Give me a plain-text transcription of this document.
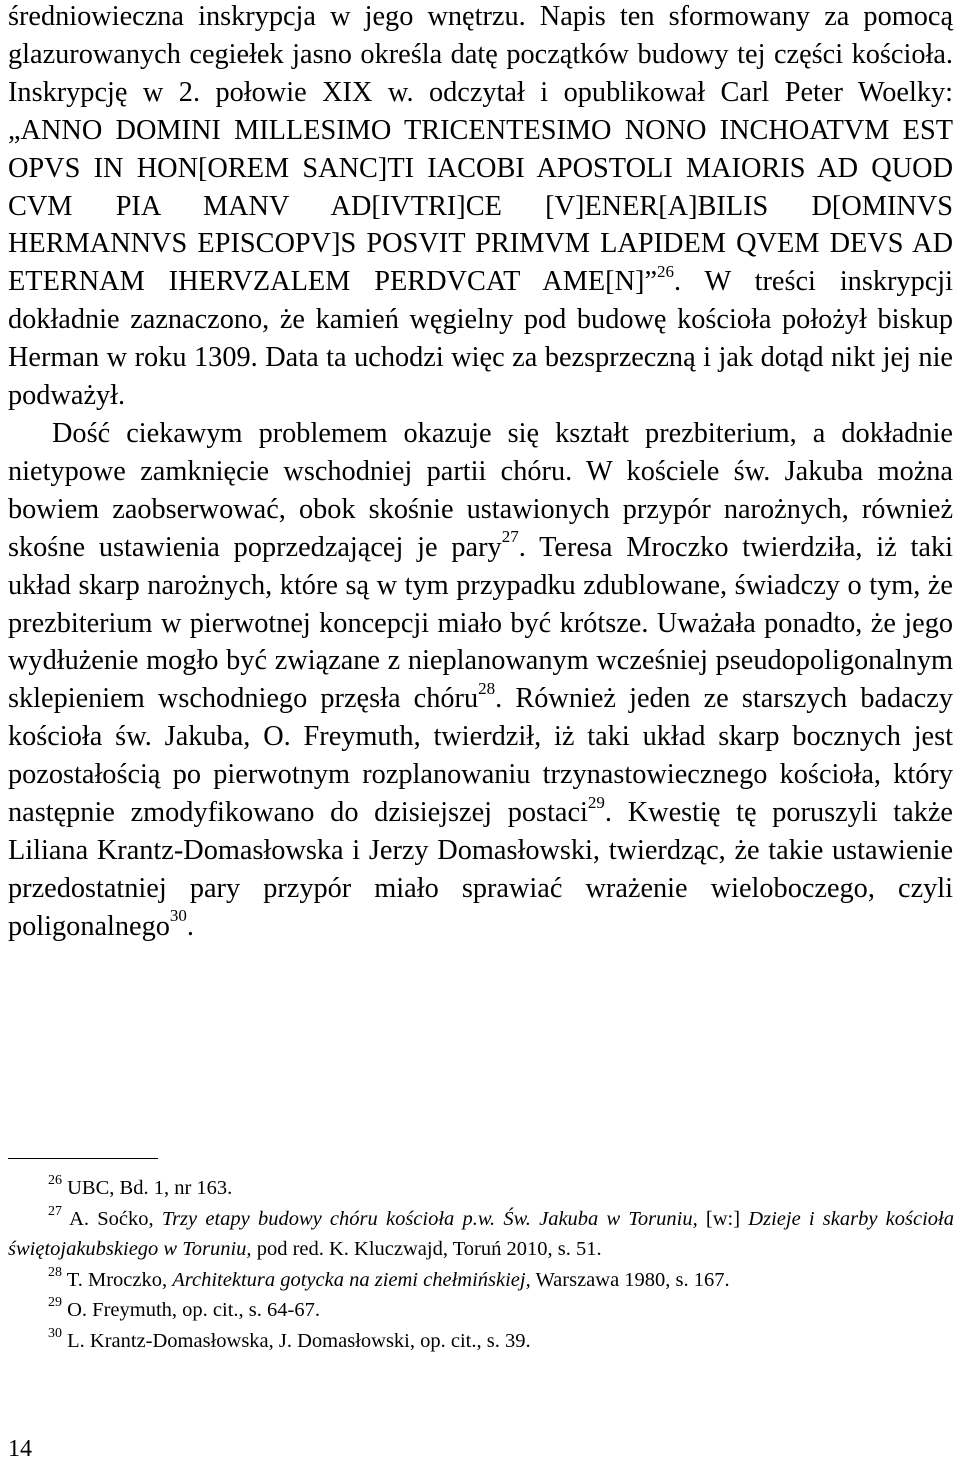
średniowieczna inskrypcja w jego wnętrzu. Napis ten sformowany za pomocą glazurowanych cegiełek jasno określa datę początków budowy tej części kościoła. Inskrypcję w 2. połowie XIX w. odczytał i opublikował Carl Peter Woelky: „ANNO DOMINI MILLESIMO TRICENTESIMO NONO INCHOATVM EST OPVS IN HON[OREM SANC]TI IACOBI APOSTOLI MAIORIS AD QUOD CVM PIA MANV AD[IVTRI]CE [V]ENER[A]BILIS D[OMINVS HERMANNVS EPISCOPV]S POSVIT PRIMVM LAPIDEM QVEM DEVS AD ETERNAM IHERVZALEM PERDVCAT AME[N]”$^{26}$. W treści inskrypcji dokładnie zaznaczono, że kamień węgielny pod budowę kościoła położył biskup Herman w roku 1309. Data ta uchodzi więc za bezsprzeczną i jak dotąd nikt jej nie podważył.

Dość ciekawym problemem okazuje się kształt prezbiterium, a dokładnie nietypowe zamknięcie wschodniej partii chóru. W kościele św. Jakuba można bowiem zaobserwować, obok skośnie ustawionych przypór narożnych, również skośne ustawienia poprzedzającej je pary$^{27}$. Teresa Mroczko twierdziła, iż taki układ skarp narożnych, które są w tym przypadku zdublowane, świadczy o tym, że prezbiterium w pierwotnej koncepcji miało być krótsze. Uważała ponadto, że jego wydłużenie mogło być związane z nieplanowanym wcześniej pseudopoligonalnym sklepieniem wschodniego przęsła chóru$^{28}$. Również jeden ze starszych badaczy kościoła św. Jakuba, O. Freymuth, twierdził, iż taki układ skarp bocznych jest pozostałością po pierwotnym rozplanowaniu trzynastowiecznego kościoła, który następnie zmodyfikowano do dzisiejszej postaci$^{29}$. Kwestię tę poruszyli także Liliana Krantz-Domasłowska i Jerzy Domasłowski, twierdząc, że takie ustawienie przedostatniej pary przypór miało sprawiać wrażenie wieloboczego, czyli poligonalnego$^{30}$.

$^{26}$ UBC, Bd. 1, nr 163.

$^{27}$ A. Soćko, Trzy etapy budowy chóru kościoła p.w. Św. Jakuba w Toruniu, [w:] Dzieje i skarby kościoła świętojakubskiego w Toruniu, pod red. K. Kluczwajd, Toruń 2010, s. 51.

$^{28}$ T. Mroczko, Architektura gotycka na ziemi chełmińskiej, Warszawa 1980, s. 167.

$^{29}$ O. Freymuth, op. cit., s. 64-67.

$^{30}$ L. Krantz-Domasłowska, J. Domasłowski, op. cit., s. 39.

14
